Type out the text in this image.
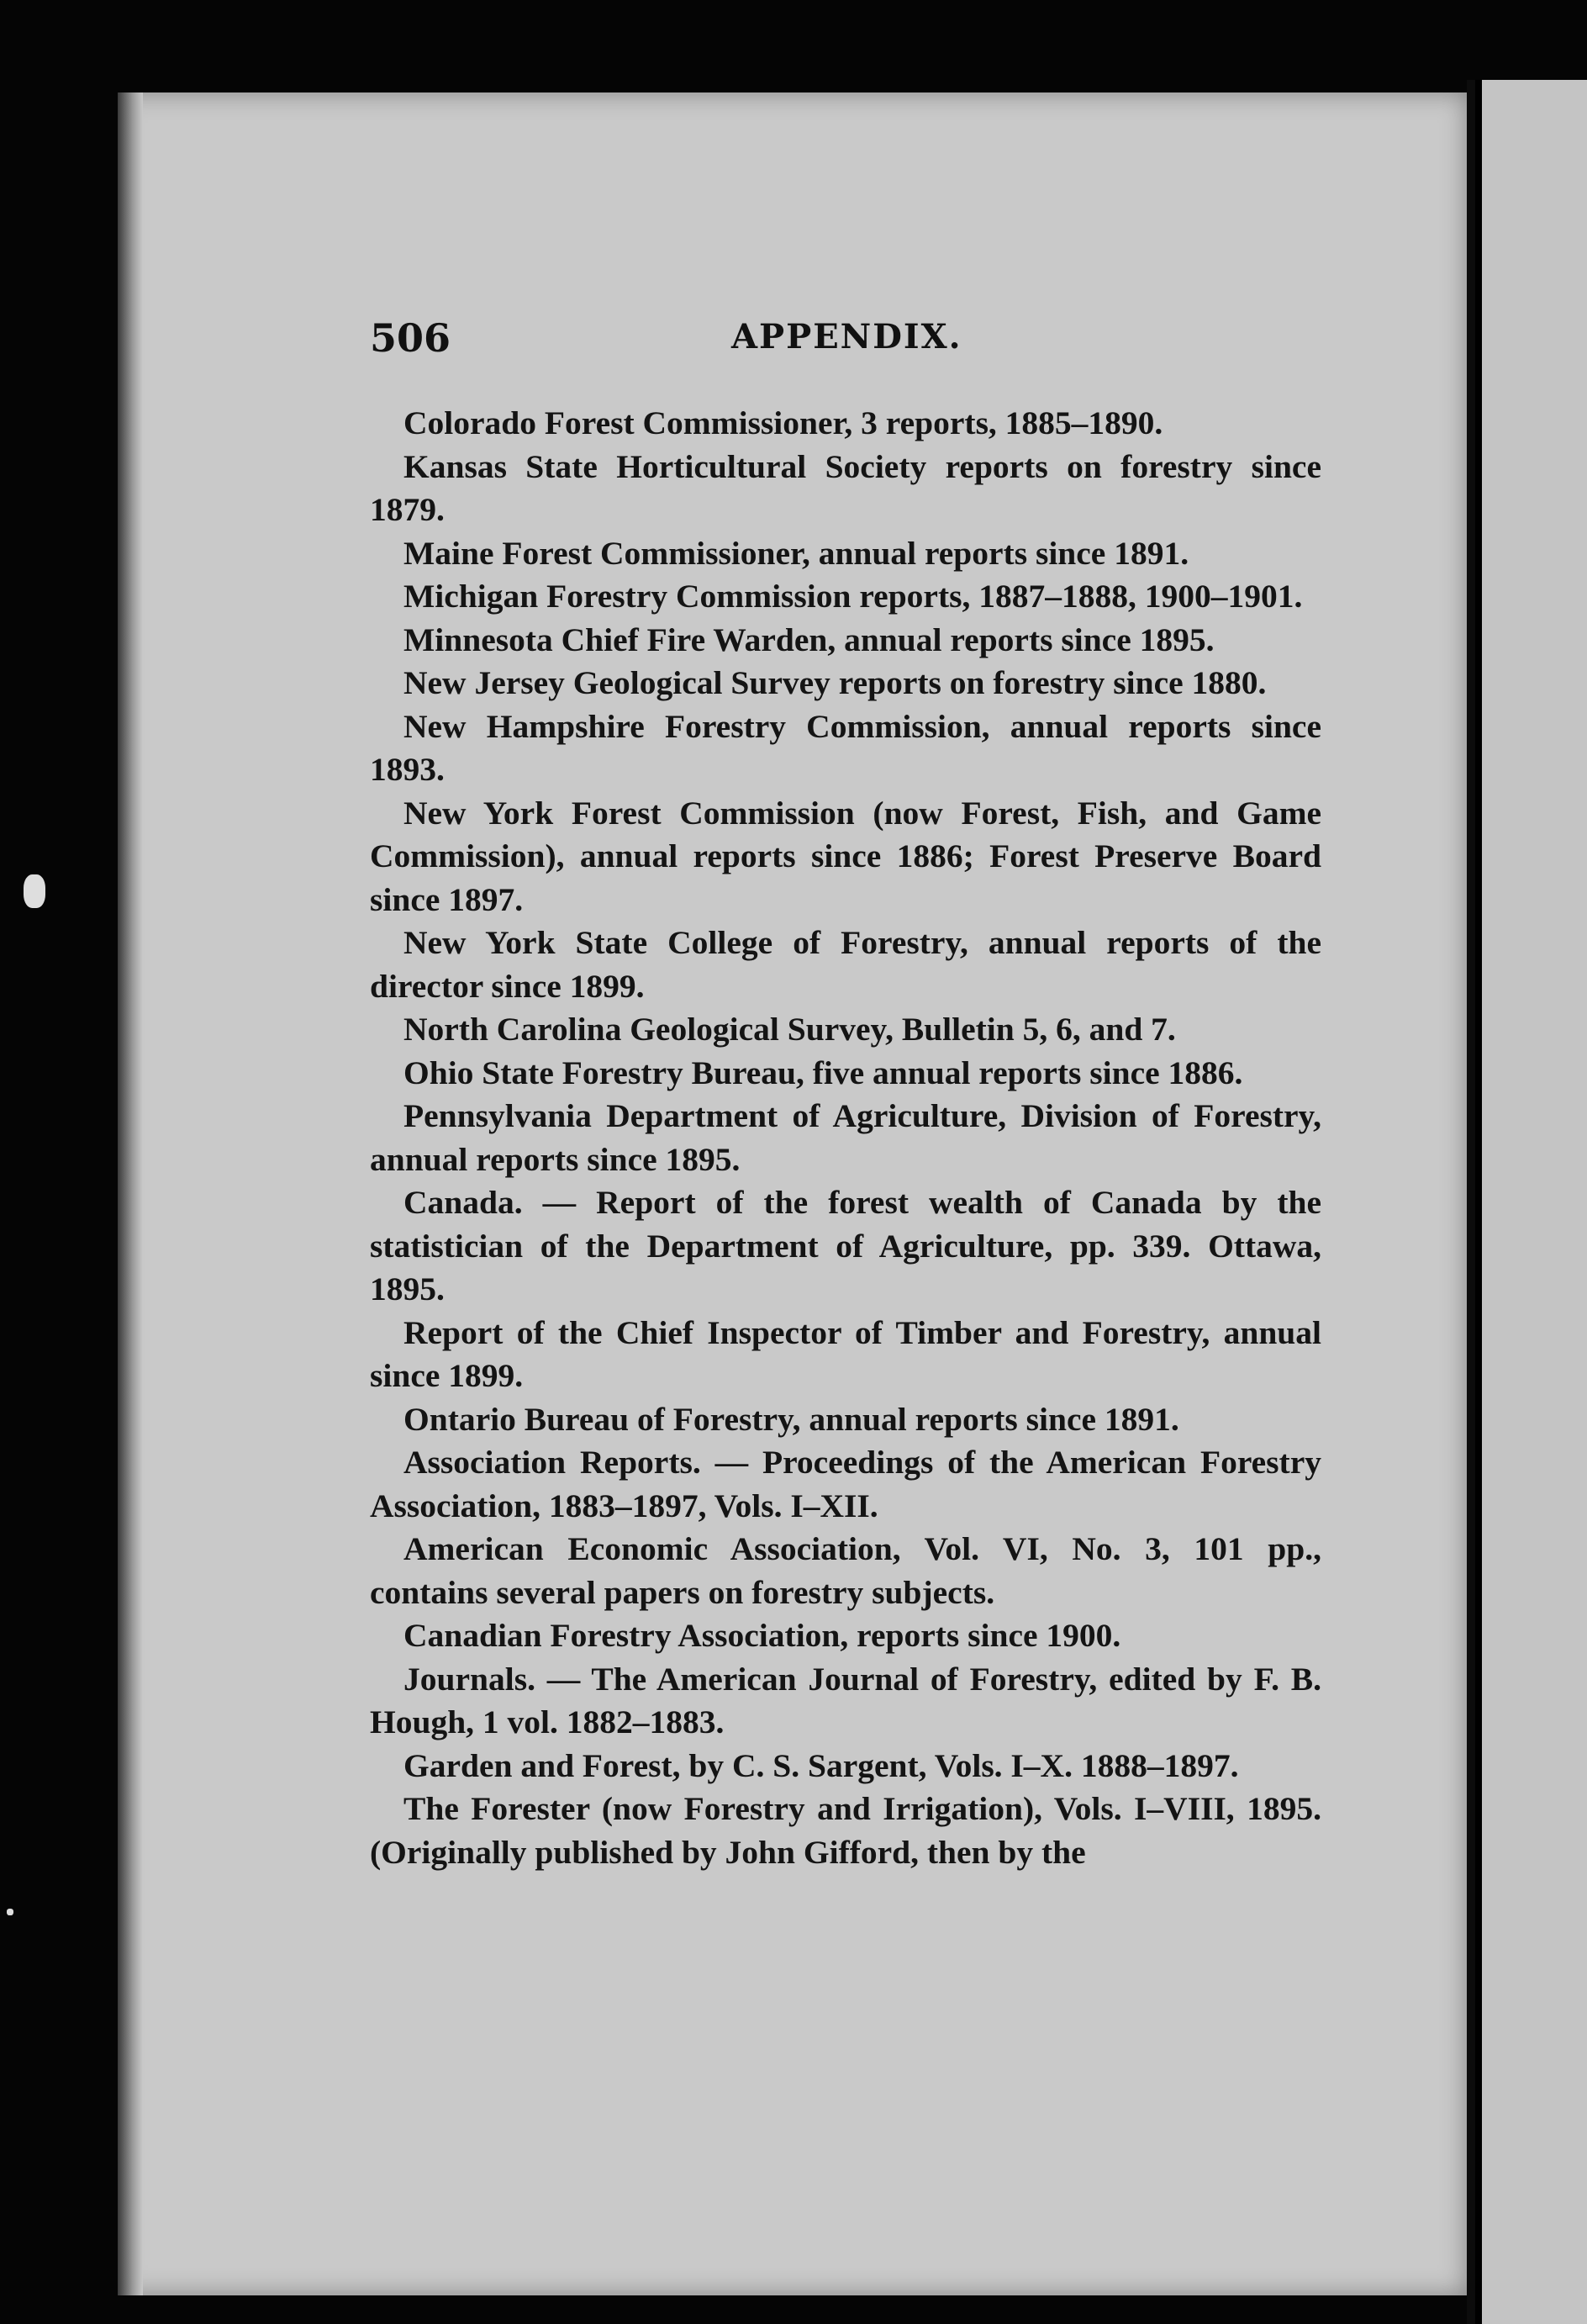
506	APPENDIX.

Colorado Forest Commissioner, 3 reports, 1885–1890.

Kansas State Horticultural Society reports on forestry since 1879.

Maine Forest Commissioner, annual reports since 1891.

Michigan Forestry Commission reports, 1887–1888, 1900–1901.

Minnesota Chief Fire Warden, annual reports since 1895.

New Jersey Geological Survey reports on forestry since 1880.

New Hampshire Forestry Commission, annual reports since 1893.

New York Forest Commission (now Forest, Fish, and Game Commission), annual reports since 1886; Forest Preserve Board since 1897.

New York State College of Forestry, annual reports of the director since 1899.

North Carolina Geological Survey, Bulletin 5, 6, and 7.

Ohio State Forestry Bureau, five annual reports since 1886.

Pennsylvania Department of Agriculture, Division of Forestry, annual reports since 1895.

Canada. — Report of the forest wealth of Canada by the statistician of the Department of Agriculture, pp. 339. Ottawa, 1895.

Report of the Chief Inspector of Timber and Forestry, annual since 1899.

Ontario Bureau of Forestry, annual reports since 1891.

Association Reports. — Proceedings of the American Forestry Association, 1883–1897, Vols. I–XII.

American Economic Association, Vol. VI, No. 3, 101 pp., contains several papers on forestry subjects.

Canadian Forestry Association, reports since 1900.

Journals. — The American Journal of Forestry, edited by F. B. Hough, 1 vol. 1882–1883.

Garden and Forest, by C. S. Sargent, Vols. I–X. 1888–1897.

The Forester (now Forestry and Irrigation), Vols. I–VIII, 1895. (Originally published by John Gifford, then by the
